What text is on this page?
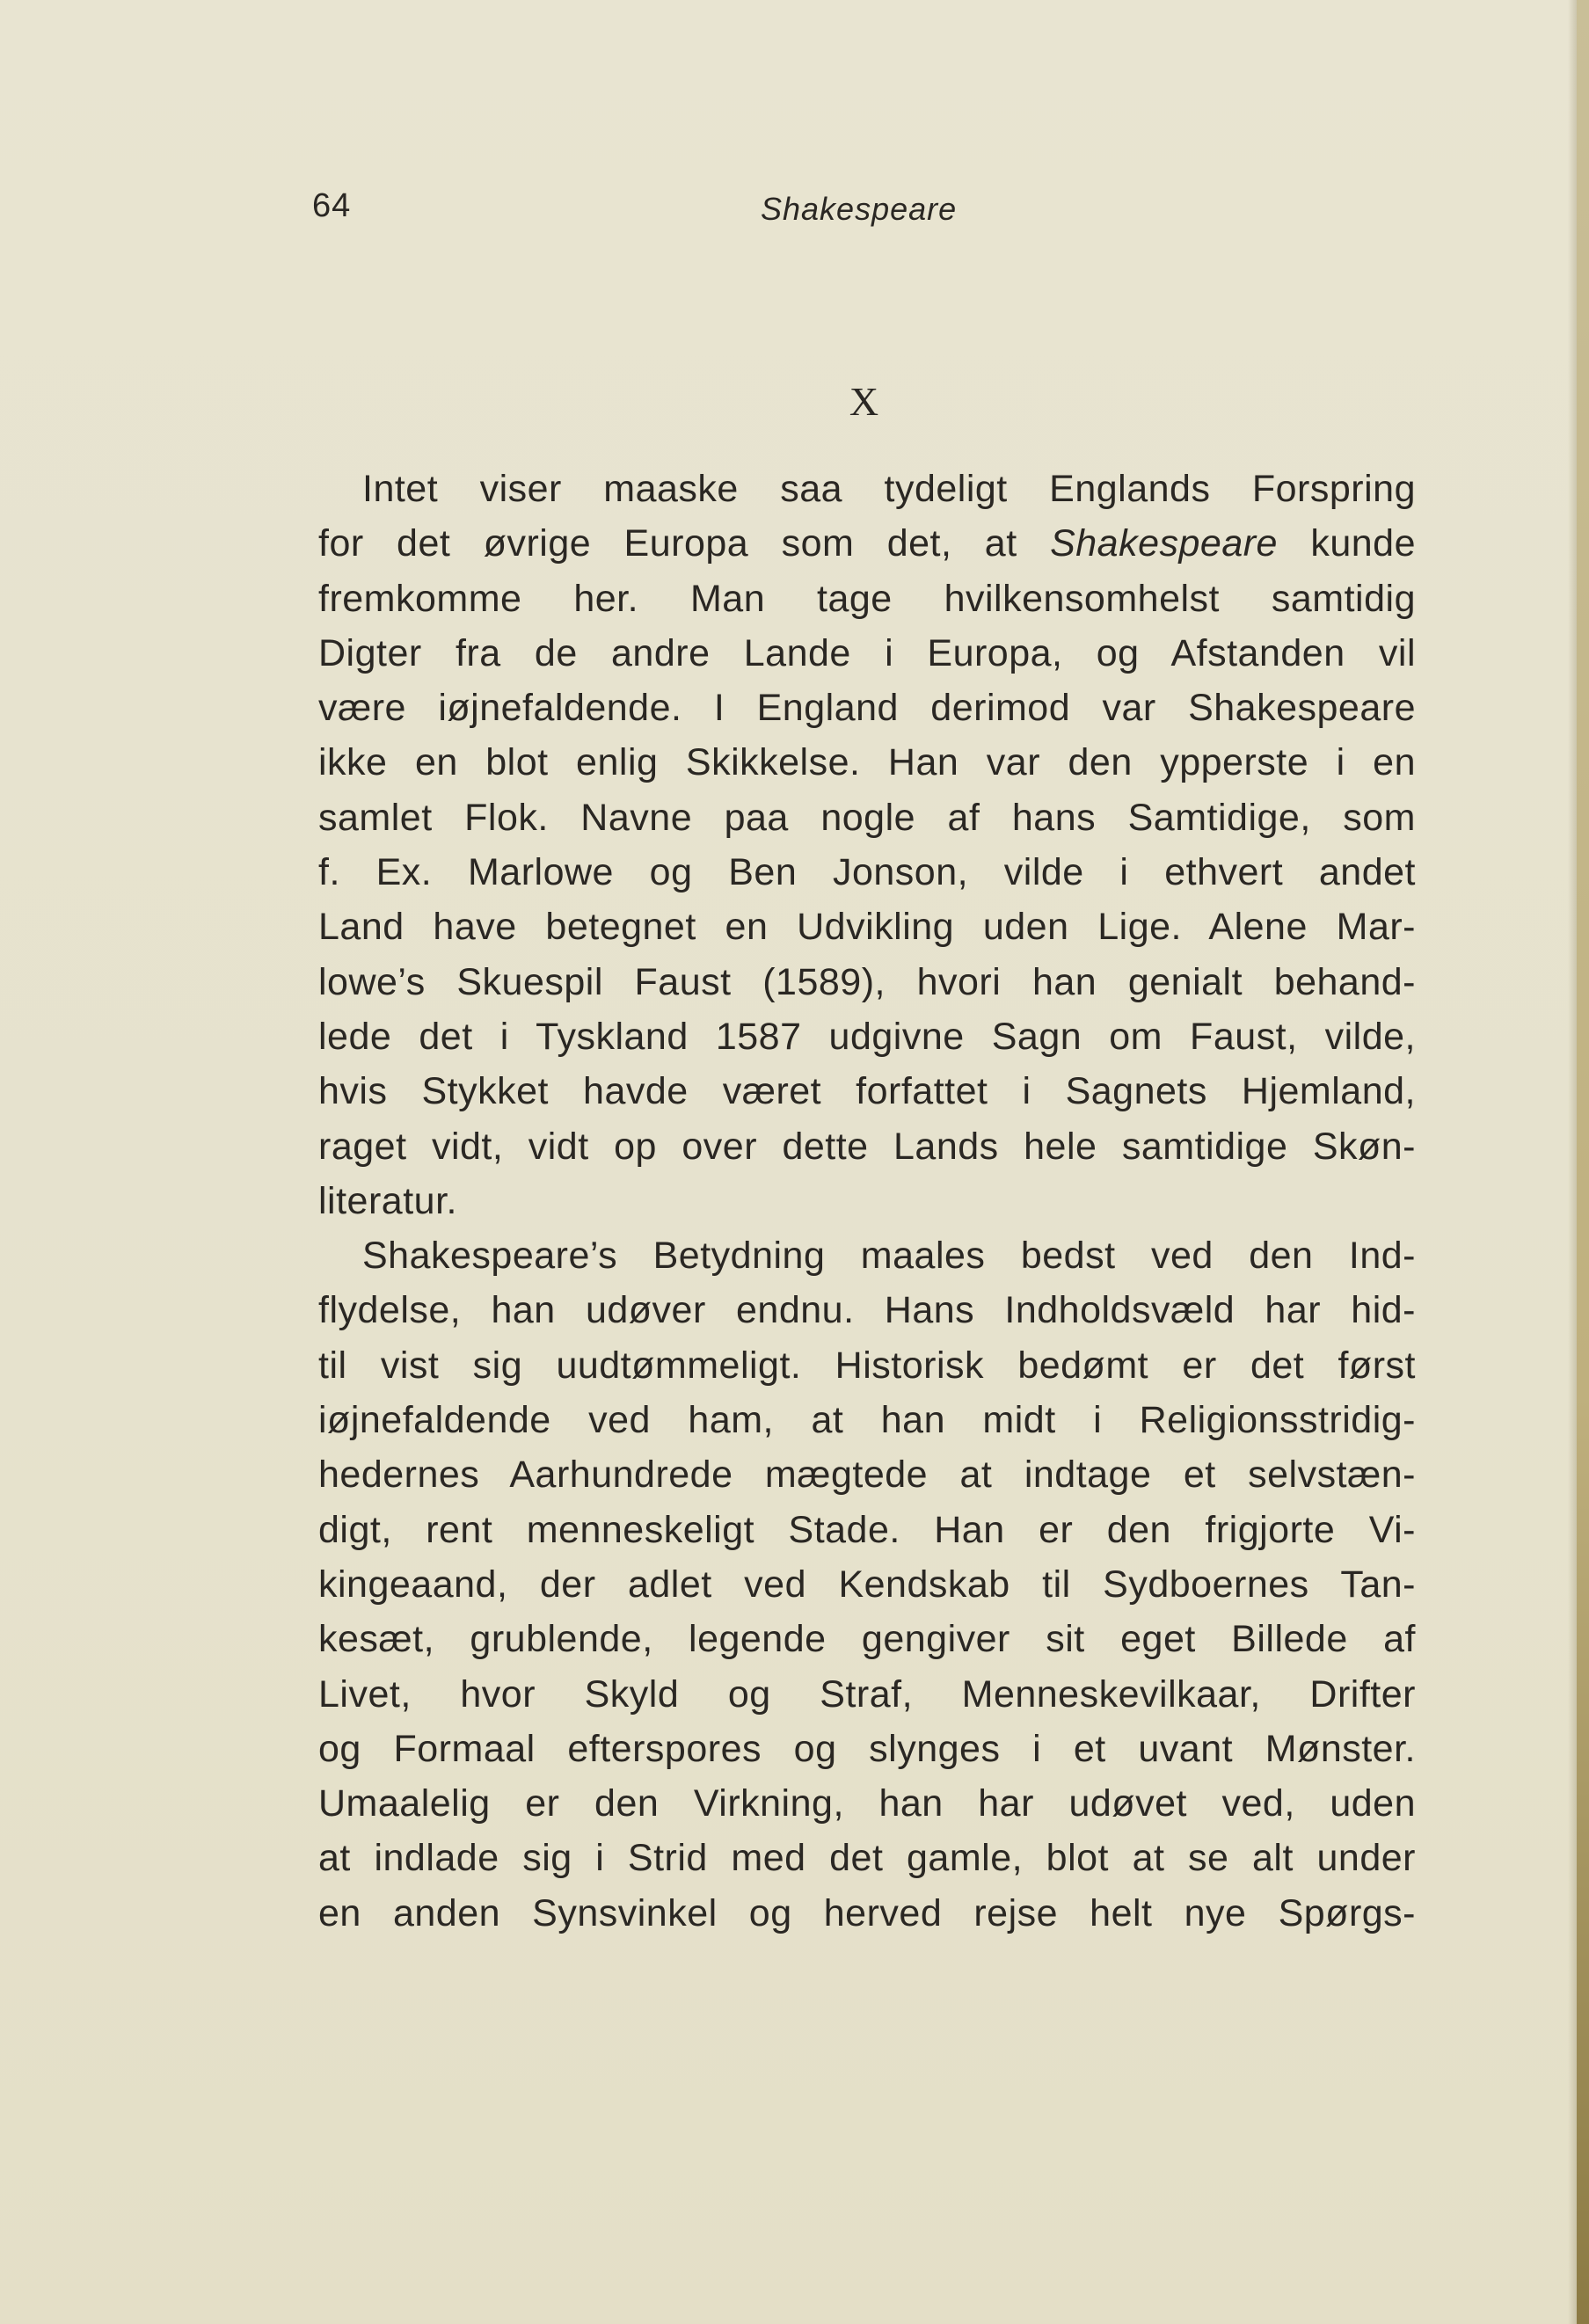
64	Shakespeare
X
Intet viser maaske saa tydeligt Englands Forspring
for det øvrige Europa som det, at Shakespeare kunde
fremkomme her. Man tage hvilkensomhelst samtidig
Digter fra de andre Lande i Europa, og Afstanden vil
være iøjnefaldende. I England derimod var Shakespeare
ikke en blot enlig Skikkelse. Han var den ypperste i en
samlet Flok. Navne paa nogle af hans Samtidige, som
f. Ex. Marlowe og Ben Jonson, vilde i ethvert andet
Land have betegnet en Udvikling uden Lige. Alene Mar-
lowe’s Skuespil Faust (1589), hvori han genialt behand-
lede det i Tyskland 1587 udgivne Sagn om Faust, vilde,
hvis Stykket havde været forfattet i Sagnets Hjemland,
raget vidt, vidt op over dette Lands hele samtidige Skøn-
literatur.
Shakespeare’s Betydning maales bedst ved den Ind-
flydelse, han udøver endnu. Hans Indholdsvæld har hid-
til vist sig uudtømmeligt. Historisk bedømt er det først
iøjnefaldende ved ham, at han midt i Religionsstridig-
hedernes Aarhundrede mægtede at indtage et selvstæn-
digt, rent menneskeligt Stade. Han er den frigjorte Vi-
kingeaand, der adlet ved Kendskab til Sydboernes Tan-
kesæt, grublende, legende gengiver sit eget Billede af
Livet, hvor Skyld og Straf, Menneskevilkaar, Drifter
og Formaal efterspores og slynges i et uvant Mønster.
Umaalelig er den Virkning, han har udøvet ved, uden
at indlade sig i Strid med det gamle, blot at se alt under
en anden Synsvinkel og herved rejse helt nye Spørgs-
